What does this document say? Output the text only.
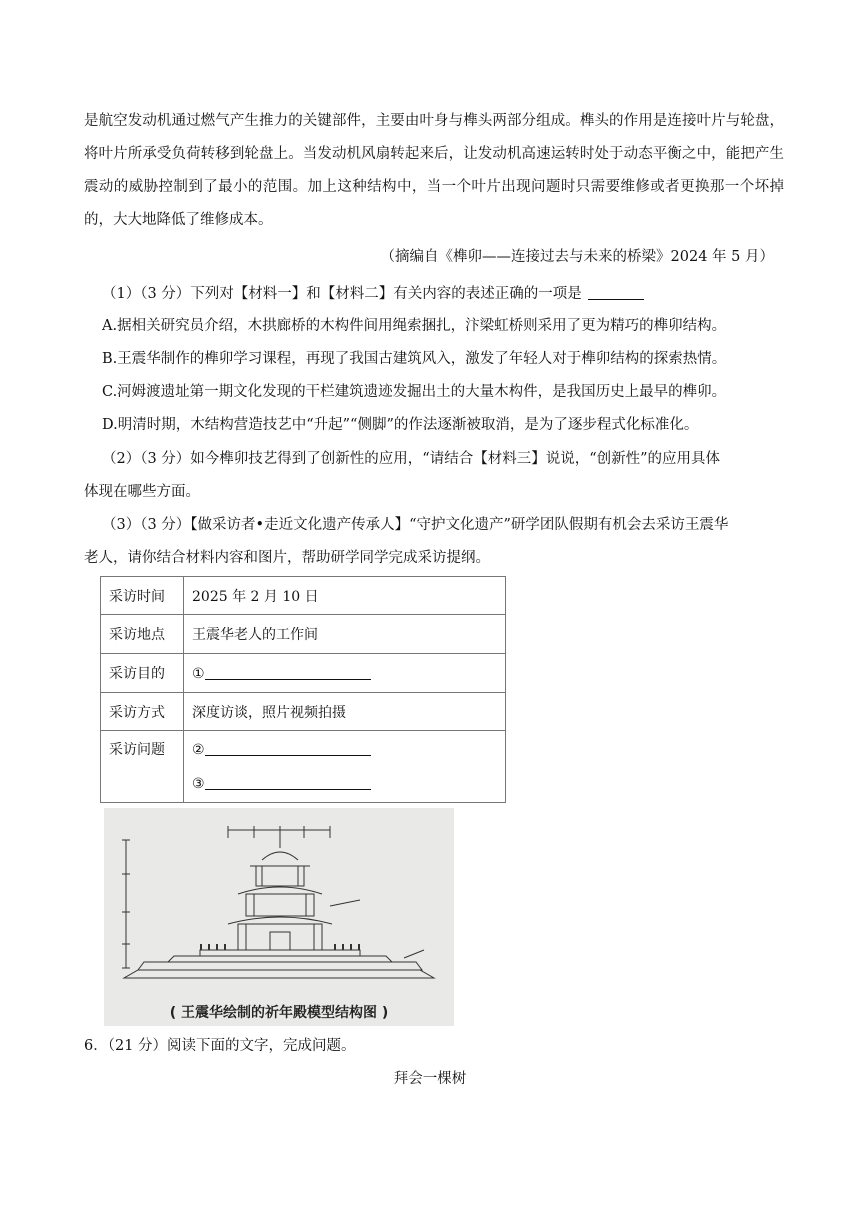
是航空发动机通过燃气产生推力的关键部件，主要由叶身与榫头两部分组成。榫头的作用是连接叶片与轮盘，将叶片所承受负荷转移到轮盘上。当发动机风扇转起来后，让发动机高速运转时处于动态平衡之中，能把产生震动的威胁控制到了最小的范围。加上这种结构中，当一个叶片出现问题时只需要维修或者更换那一个坏掉的，大大地降低了维修成本。

（摘编自《榫卯——连接过去与未来的桥梁》2024 年 5 月）

（1）（3 分）下列对【材料一】和【材料二】有关内容的表述正确的一项是

A.据相关研究员介绍，木拱廊桥的木构件间用绳索捆扎，汴梁虹桥则采用了更为精巧的榫卯结构。

B.王震华制作的榫卯学习课程，再现了我国古建筑风入，激发了年轻人对于榫卯结构的探索热情。

C.河姆渡遗址第一期文化发现的干栏建筑遗迹发掘出土的大量木构件，是我国历史上最早的榫卯。

D.明清时期，木结构营造技艺中“升起”“侧脚”的作法逐渐被取消，是为了逐步程式化标准化。

（2）（3 分）如今榫卯技艺得到了创新性的应用，“请结合【材料三】说说，“创新性”的应用具体

体现在哪些方面。

（3）（3 分）【做采访者•走近文化遗产传承人】“守护文化遗产”研学团队假期有机会去采访王震华

老人，请你结合材料内容和图片，帮助研学同学完成采访提纲。

采访时间	2025 年 2 月 10 日
采访地点	王震华老人的工作间
采访目的	①
采访方式	深度访谈，照片视频拍摄
采访问题	②
③
( 王震华绘制的祈年殿模型结构图 )

6．（21 分）阅读下面的文字，完成问题。

拜会一棵树
